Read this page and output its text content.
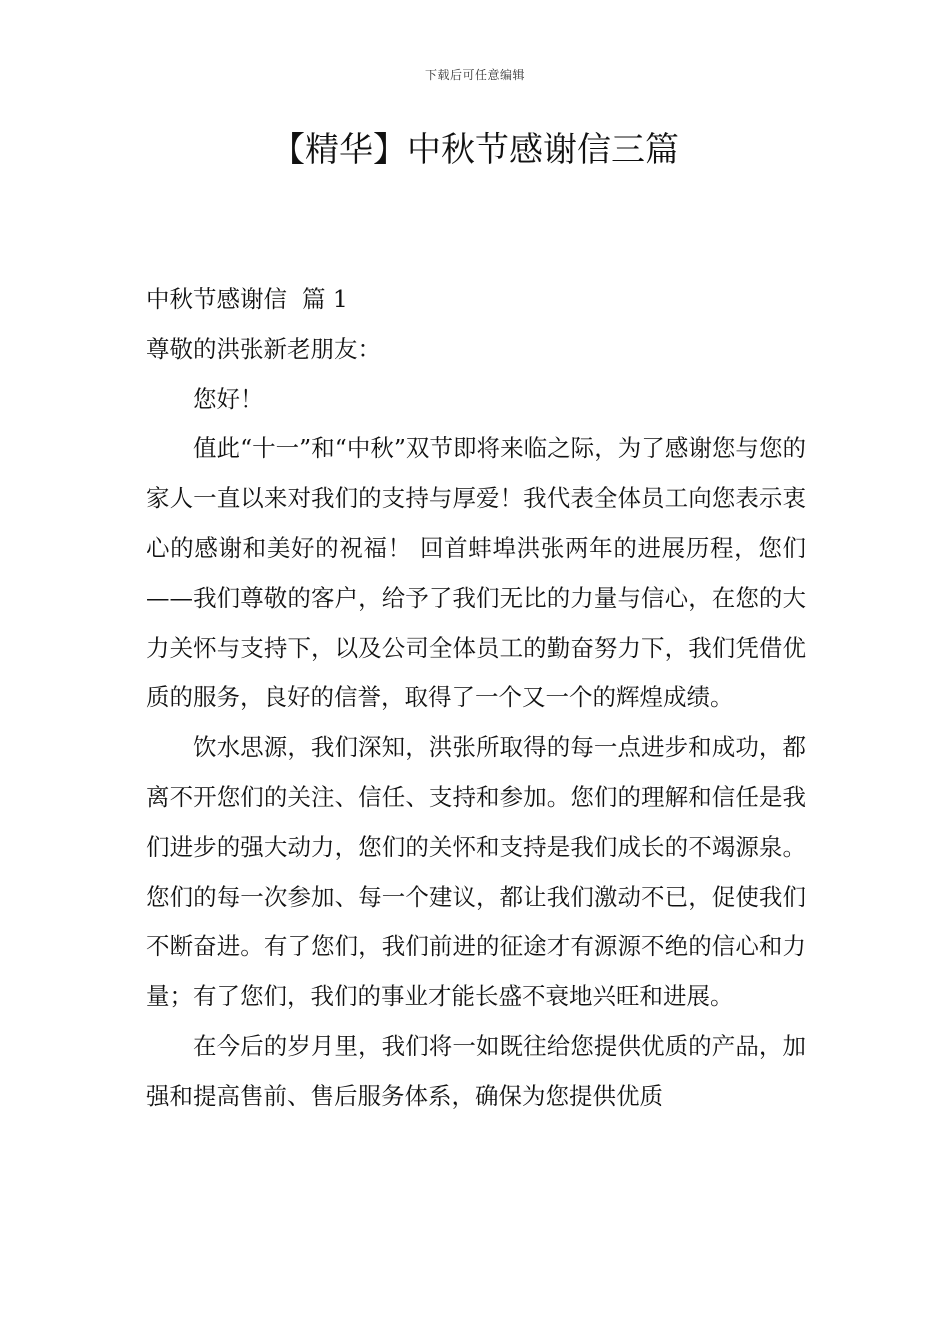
下载后可任意编辑
【精华】中秋节感谢信三篇

中秋节感谢信  篇 1

尊敬的洪张新老朋友：

您好！

值此“十一”和“中秋”双节即将来临之际，为了感谢您与您的家人一直以来对我们的支持与厚爱！我代表全体员工向您表示衷心的感谢和美好的祝福！ 回首蚌埠洪张两年的进展历程，您们——我们尊敬的客户，给予了我们无比的力量与信心，在您的大力关怀与支持下，以及公司全体员工的勤奋努力下，我们凭借优质的服务，良好的信誉，取得了一个又一个的辉煌成绩。

饮水思源，我们深知，洪张所取得的每一点进步和成功，都离不开您们的关注、信任、支持和参加。您们的理解和信任是我们进步的强大动力，您们的关怀和支持是我们成长的不竭源泉。您们的每一次参加、每一个建议，都让我们激动不已，促使我们不断奋进。有了您们，我们前进的征途才有源源不绝的信心和力量；有了您们，我们的事业才能长盛不衰地兴旺和进展。

在今后的岁月里，我们将一如既往给您提供优质的产品，加强和提高售前、售后服务体系，确保为您提供优质
